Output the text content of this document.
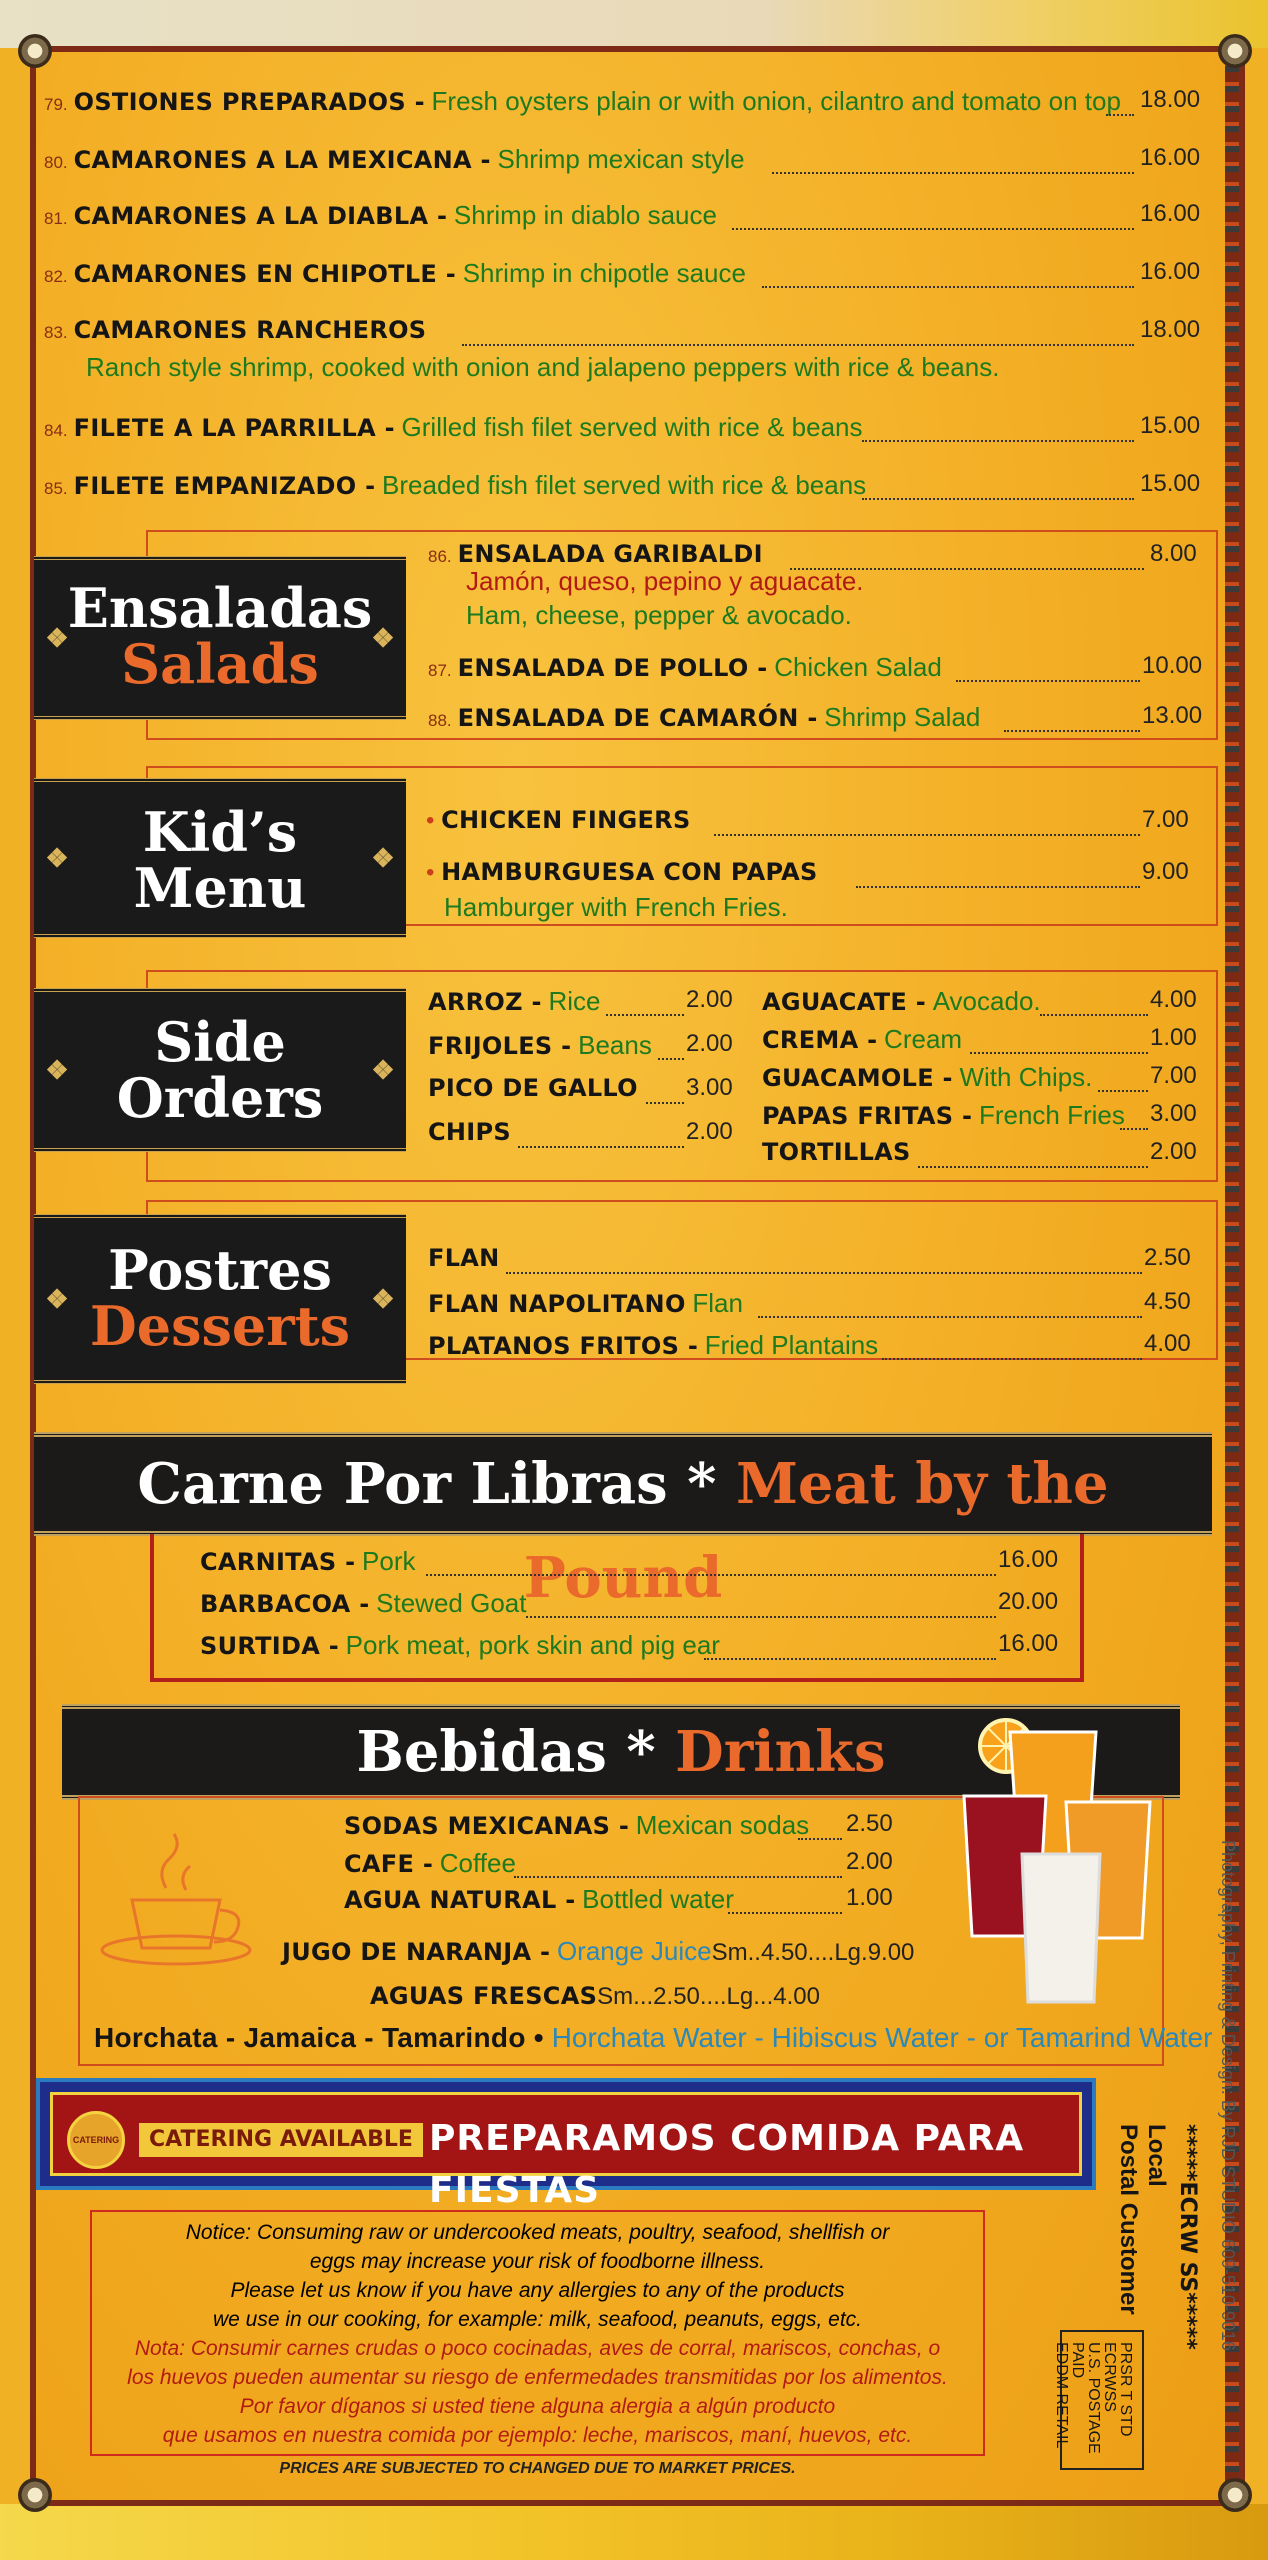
79. OSTIONES PREPARADOS - Fresh oysters plain or with onion, cilantro and tomato on top 18.00
80. CAMARONES A LA MEXICANA - Shrimp mexican style	16.00
81. CAMARONES A LA DIABLA - Shrimp in diablo sauce	16.00
82. CAMARONES EN CHIPOTLE - Shrimp in chipotle sauce	16.00
83. CAMARONES RANCHEROS	18.00
Ranch style shrimp, cooked with onion and jalapeno peppers with rice & beans.
84. FILETE A LA PARRILLA - Grilled fish filet served with rice & beans	15.00
85. FILETE EMPANIZADO - Breaded fish filet served with rice & beans	15.00
Ensaladas
Salads
❖	❖
86. ENSALADA GARIBALDI	8.00
Jamón, queso, pepino y aguacate.
Ham, cheese, pepper & avocado.
87. ENSALADA DE POLLO - Chicken Salad	10.00
88. ENSALADA DE CAMARÓN - Shrimp Salad	13.00
Kid’s
Menu
❖	❖
• CHICKEN FINGERS	7.00
• HAMBURGUESA CON PAPAS	9.00
Hamburger with French Fries.
Side
Orders
❖	❖
ARROZ - Rice	2.00
FRIJOLES - Beans 2.00
PICO DE GALLO 3.00
CHIPS	2.00
AGUACATE - Avocado.	4.00
CREMA - Cream	1.00
GUACAMOLE - With Chips. 7.00
PAPAS FRITAS - French Fries 3.00
TORTILLAS	2.00
Postres
Desserts
❖	❖
FLAN	2.50
FLAN NAPOLITANO Flan	4.50
PLATANOS FRITOS - Fried Plantains	4.00
Carne Por Libras * Meat by the Pound
CARNITAS - Pork	16.00
BARBACOA - Stewed Goat	20.00
SURTIDA - Pork meat, pork skin and pig ear	16.00
Bebidas * Drinks
SODAS MEXICANAS - Mexican sodas 2.50
CAFE - Coffee	2.00
AGUA NATURAL - Bottled water	1.00
JUGO DE NARANJA - Orange JuiceSm..4.50....Lg.9.00
AGUAS FRESCASSm...2.50....Lg...4.00
Horchata - Jamaica - Tamarindo • Horchata Water - Hibiscus Water - or Tamarind Water
CATERING	CATERING AVAILABLE PREPARAMOS COMIDA PARA FIESTAS
Notice: Consuming raw or undercooked meats, poultry, seafood, shellfish or
eggs may increase your risk of foodborne illness.
Please let us know if you have any allergies to any of the products
we use in our cooking, for example: milk, seafood, peanuts, eggs, etc.
Nota: Consumir carnes crudas o poco cocinadas, aves de corral, mariscos, conchas, o
los huevos pueden aumentar su riesgo de enfermedades transmitidas por los alimentos.
Por favor díganos si usted tiene alguna alergia a algún producto
que usamos en nuestra comida por ejemplo: leche, mariscos, maní, huevos, etc.
PRICES ARE SUBJECTED TO CHANGED DUE TO MARKET PRICES.
*****ECRW SS*****
Local
Postal Customer	Photography, Printing & Design: By RJD STUDIO 609-510-9016
PRSR T STD
ECRWSS
U.S. POSTAGE
PAID
EDDM RETAIL
